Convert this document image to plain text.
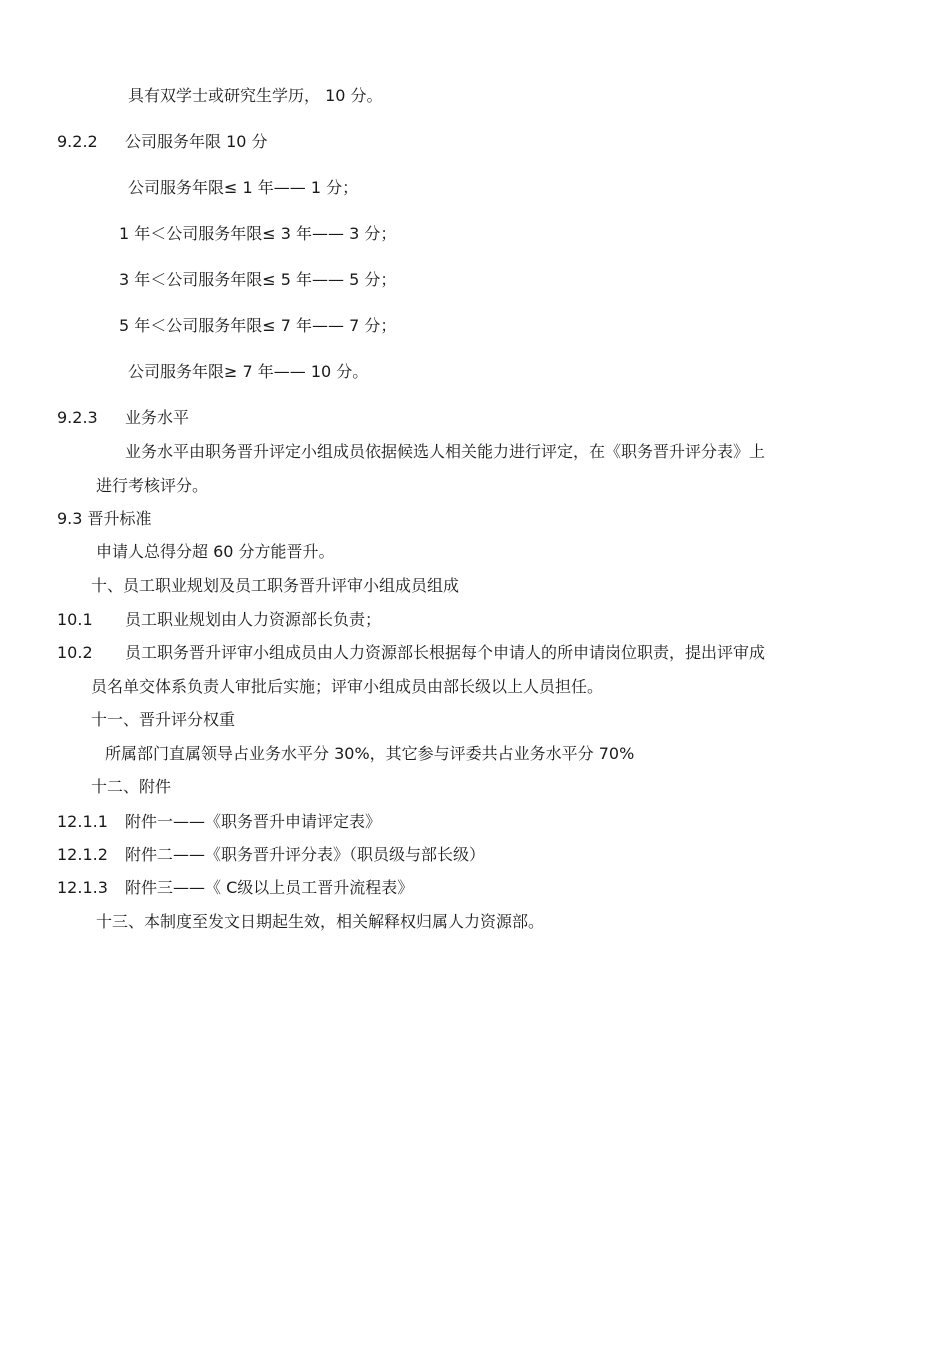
具有双学士或研究生学历， 10 分。

9.2.2 公司服务年限 10 分

公司服务年限≤ 1 年—— 1 分；

1 年＜公司服务年限≤ 3 年—— 3 分；

3 年＜公司服务年限≤ 5 年—— 5 分；

5 年＜公司服务年限≤ 7 年—— 7 分；

公司服务年限≥ 7 年—— 10 分。

9.2.3 业务水平

业务水平由职务晋升评定小组成员依据候选人相关能力进行评定，在《职务晋升评分表》上

进行考核评分。

9.3 晋升标准

申请人总得分超 60 分方能晋升。

十、员工职业规划及员工职务晋升评审小组成员组成

10.1 员工职业规划由人力资源部长负责；

10.2 员工职务晋升评审小组成员由人力资源部长根据每个申请人的所申请岗位职责，提出评审成

员名单交体系负责人审批后实施；评审小组成员由部长级以上人员担任。

十一、晋升评分权重

所属部门直属领导占业务水平分 30%，其它参与评委共占业务水平分 70%

十二、附件

12.1.1 附件一——《职务晋升申请评定表》

12.1.2 附件二——《职务晋升评分表》（职员级与部长级）

12.1.3 附件三——《 C级以上员工晋升流程表》

十三、本制度至发文日期起生效，相关解释权归属人力资源部。
